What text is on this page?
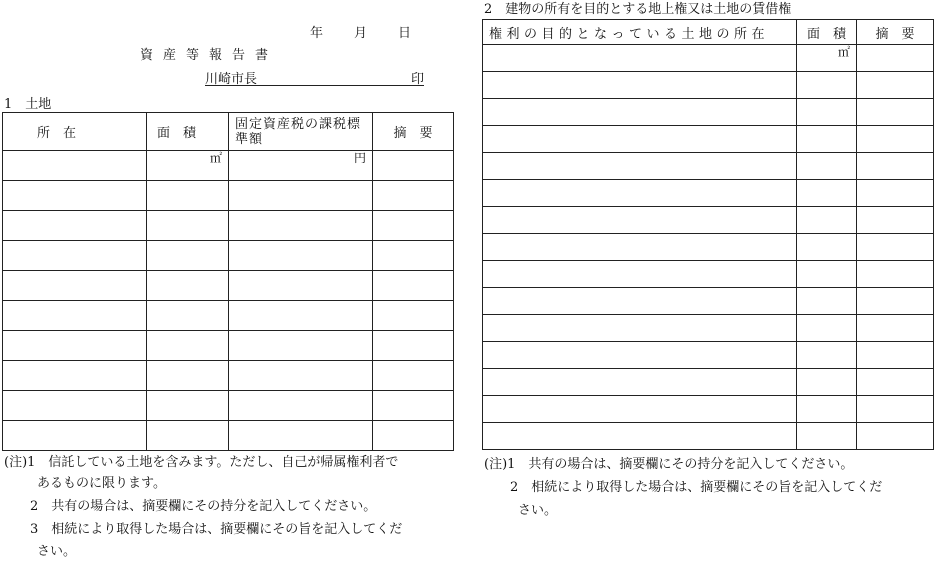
年 月 日
資産等報告書
川崎市長	印
1　土地
所　在	面　積	固定資産税の課税標準額	摘　要

	㎡	円	

(注)1　信託している土地を含みます。ただし、自己が帰属権利者で
あるものに限ります。
2　共有の場合は、摘要欄にその持分を記入してください。
3　相続により取得した場合は、摘要欄にその旨を記入してくだ
さい。
2　建物の所有を目的とする地上権又は土地の賃借権
権利の目的となっている土地の所在	面　積	摘　要

	㎡	

(注)1　共有の場合は、摘要欄にその持分を記入してください。
2　相続により取得した場合は、摘要欄にその旨を記入してくだ
さい。
